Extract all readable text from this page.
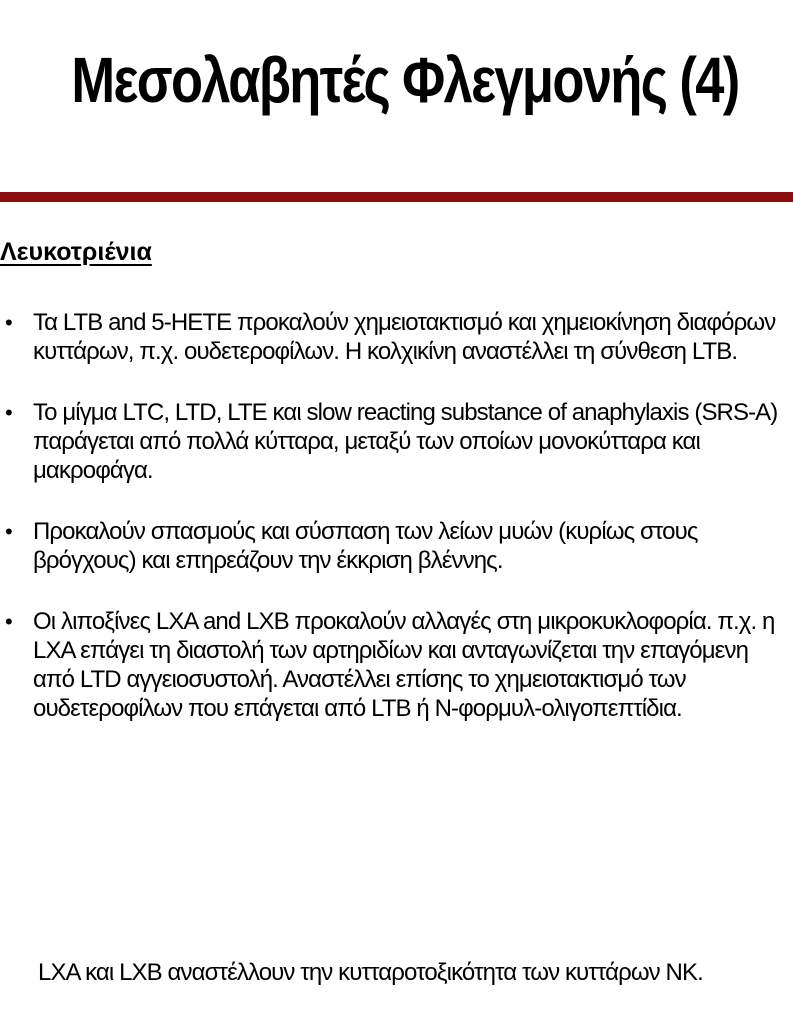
Μεσολαβητές Φλεγμονής (4)
Λευκοτριένια
• Τα LTB and 5-HETE προκαλούν χημειοτακτισμό και χημειοκίνηση διαφόρων κυττάρων, π.χ. ουδετεροφίλων. Η κολχικίνη αναστέλλει τη σύνθεση LTB.
• Το μίγμα LTC, LTD, LTE και slow reacting substance of anaphylaxis (SRS-A) παράγεται από πολλά κύτταρα, μεταξύ των οποίων μονοκύτταρα και μακροφάγα.
• Προκαλούν σπασμούς και σύσπαση των λείων μυών (κυρίως στους βρόγχους) και επηρεάζουν την έκκριση βλέννης.
• Οι λιποξίνες LXA and LXB προκαλούν αλλαγές στη μικροκυκλοφορία. π.χ. η LXA επάγει τη διαστολή των αρτηριδίων και ανταγωνίζεται την επαγόμενη από LTD αγγειοσυστολή. Αναστέλλει επίσης το χημειοτακτισμό των ουδετεροφίλων που επάγεται από LTB ή N-φορμυλ-ολιγοπεπτίδια.
LXA και LXB αναστέλλουν την κυτταροτοξικότητα των κυττάρων ΝΚ.
